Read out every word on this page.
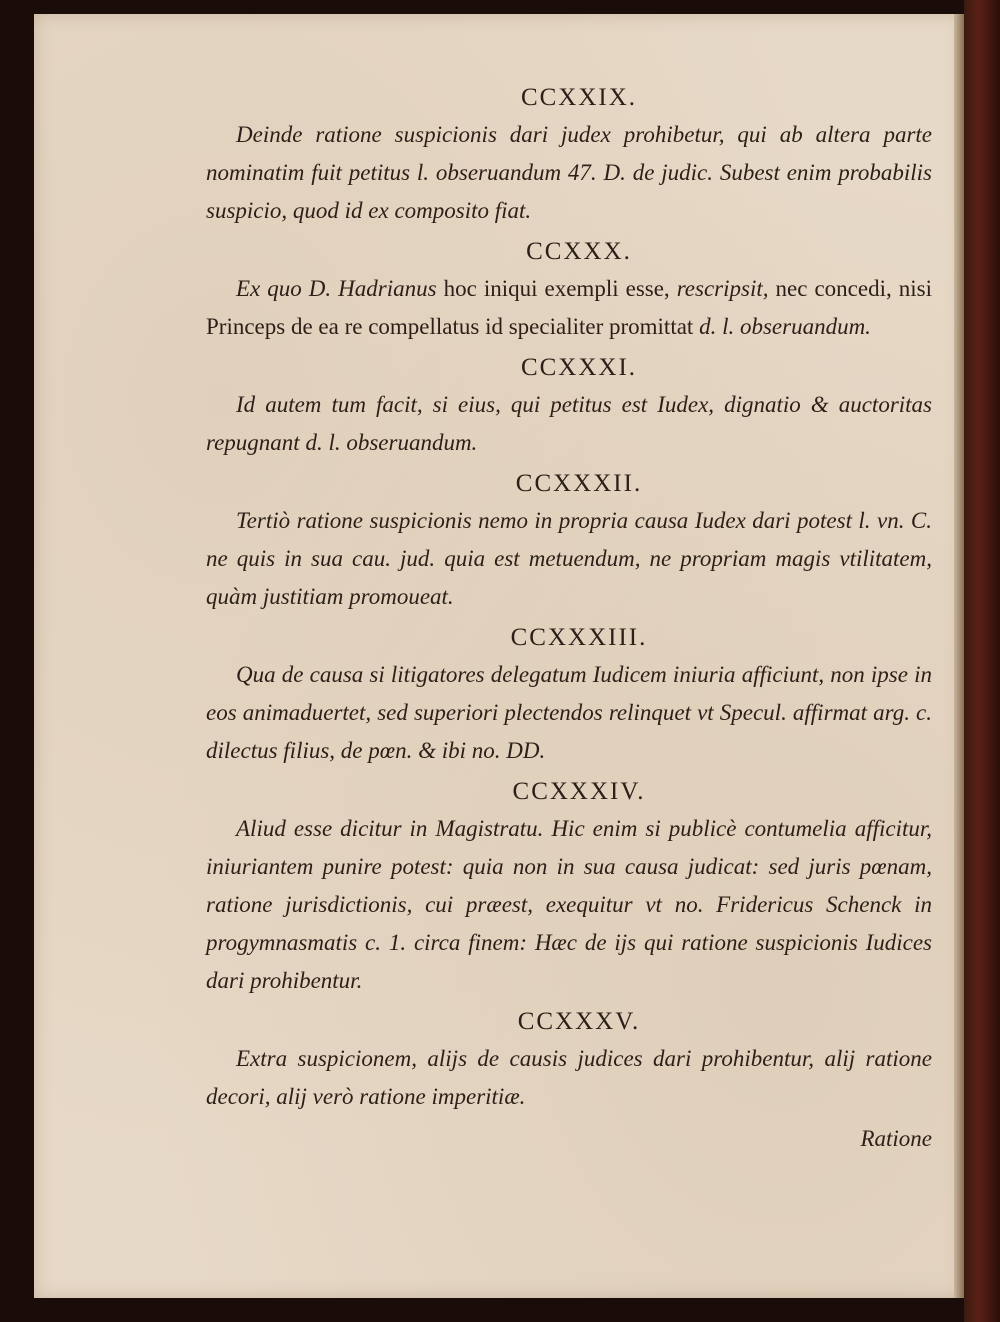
CCXXIX.

Deinde ratione suspicionis dari judex prohibetur, qui ab altera parte nominatim fuit petitus l. obseruandum 47. D. de judic. Subest enim probabilis suspicio, quod id ex composito fiat.

CCXXX.

Ex quo D. Hadrianus hoc iniqui exempli esse, rescripsit, nec concedi, nisi Princeps de ea re compellatus id specialiter promittat d. l. obseruandum.

CCXXXI.

Id autem tum facit, si eius, qui petitus est Iudex, dignatio & auctoritas repugnant d. l. obseruandum.

CCXXXII.

Tertiò ratione suspicionis nemo in propria causa Iudex dari potest l. vn. C. ne quis in sua cau. jud. quia est metuendum, ne propriam magis vtilitatem, quàm justitiam promoueat.

CCXXXIII.

Qua de causa si litigatores delegatum Iudicem iniuria afficiunt, non ipse in eos animaduertet, sed superiori plectendos relinquet vt Specul. affirmat arg. c. dilectus filius, de pœn. & ibi no. DD.

CCXXXIV.

Aliud esse dicitur in Magistratu. Hic enim si publicè contumelia afficitur, iniuriantem punire potest: quia non in sua causa judicat: sed juris pœnam, ratione jurisdictionis, cui præest, exequitur vt no. Fridericus Schenck in progymnasmatis c. 1. circa finem: Hæc de ijs qui ratione suspicionis Iudices dari prohibentur.

CCXXXV.

Extra suspicionem, alijs de causis judices dari prohibentur, alij ratione decori, alij verò ratione imperitiæ.

Ratione
